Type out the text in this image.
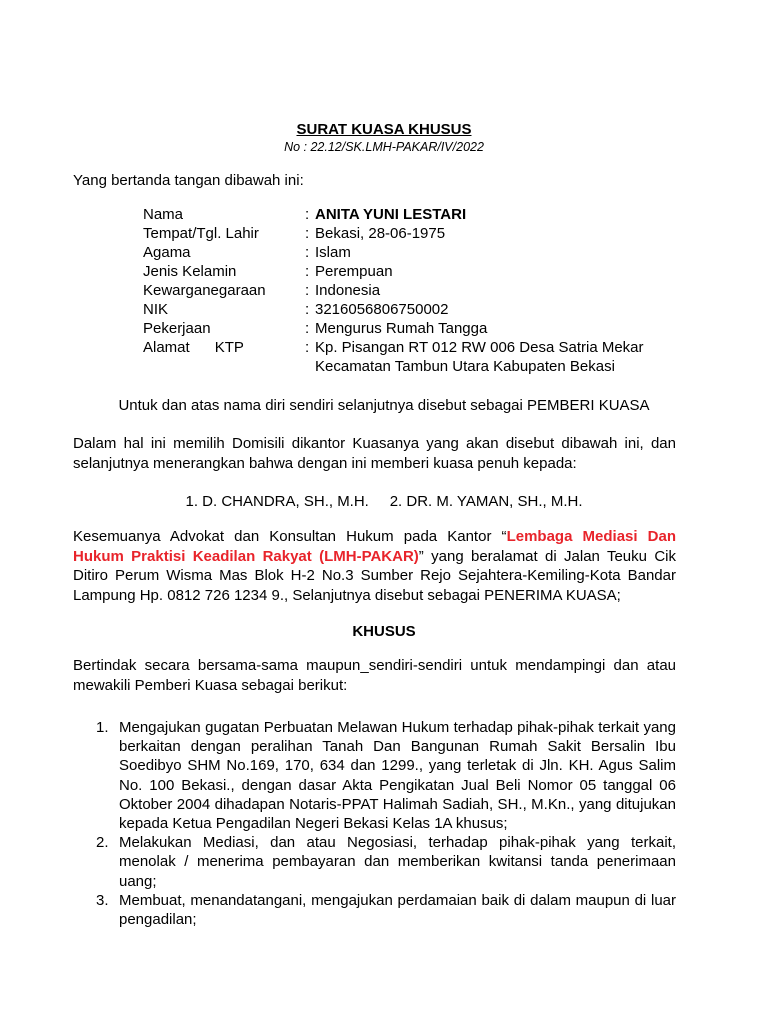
SURAT KUASA KHUSUS
No : 22.12/SK.LMH-PAKAR/IV/2022
Yang bertanda tangan dibawah ini:
Nama	: ANITA YUNI LESTARI
Tempat/Tgl. Lahir	: Bekasi, 28-06-1975
Agama	: Islam
Jenis Kelamin	: Perempuan
Kewarganegaraan	: Indonesia
NIK	: 3216056806750002
Pekerjaan	: Mengurus Rumah Tangga
Alamat      KTP	: Kp. Pisangan RT 012 RW 006 Desa Satria Mekar
Kecamatan Tambun Utara Kabupaten Bekasi
Untuk dan atas nama diri sendiri selanjutnya disebut sebagai PEMBERI KUASA
Dalam hal ini memilih Domisili dikantor Kuasanya yang akan disebut dibawah ini, dan selanjutnya menerangkan bahwa dengan ini memberi kuasa penuh kepada:
1. D. CHANDRA, SH., M.H.     2. DR. M. YAMAN, SH., M.H.
Kesemuanya Advokat dan Konsultan Hukum pada Kantor “Lembaga Mediasi Dan Hukum Praktisi Keadilan Rakyat (LMH-PAKAR)” yang beralamat di Jalan Teuku Cik Ditiro Perum Wisma Mas Blok H-2 No.3 Sumber Rejo Sejahtera-Kemiling-Kota Bandar Lampung Hp. 0812 726 1234 9., Selanjutnya disebut sebagai PENERIMA KUASA;
KHUSUS
Bertindak secara bersama-sama maupun_sendiri-sendiri untuk mendampingi dan atau mewakili Pemberi Kuasa sebagai berikut:
1. Mengajukan gugatan Perbuatan Melawan Hukum terhadap pihak-pihak terkait yang berkaitan dengan peralihan Tanah Dan Bangunan Rumah Sakit Bersalin Ibu Soedibyo SHM No.169, 170, 634 dan 1299., yang terletak di Jln. KH. Agus Salim No. 100 Bekasi., dengan dasar Akta Pengikatan Jual Beli Nomor 05 tanggal 06 Oktober 2004 dihadapan Notaris-PPAT Halimah Sadiah, SH., M.Kn., yang ditujukan kepada Ketua Pengadilan Negeri Bekasi Kelas 1A khusus;
2. Melakukan Mediasi, dan atau Negosiasi, terhadap pihak-pihak yang terkait, menolak / menerima pembayaran dan memberikan kwitansi tanda penerimaan uang;
3. Membuat, menandatangani, mengajukan perdamaian baik di dalam maupun di luar pengadilan;
